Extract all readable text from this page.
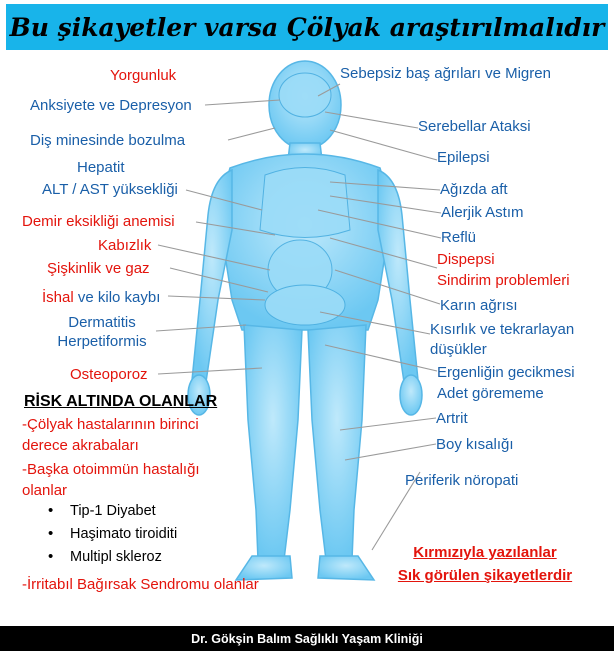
Bu şikayetler varsa Çölyak araştırılmalıdır
Yorgunluk
Anksiyete ve Depresyon
Diş minesinde bozulma
Hepatit
ALT / AST yüksekliği
Demir eksikliği anemisi
Kabızlık
Şişkinlik ve gaz
İshal ve kilo kaybı
Dermatitis
Herpetiformis
Osteoporoz
Sebepsiz baş ağrıları ve Migren
Serebellar Ataksi
Epilepsi
Ağızda aft
Alerjik Astım
Reflü
Dispepsi
Sindirim problemleri
Karın ağrısı
Kısırlık ve tekrarlayan
düşükler
Ergenliğin gecikmesi
Adet görememe
Artrit
Boy kısalığı
Periferik nöropati
RİSK ALTINDA OLANLAR
-Çölyak hastalarının birinci
derece akrabaları
-Başka otoimmün hastalığı
olanlar
• Tip-1 Diyabet
• Haşimato tiroiditi
• Multipl skleroz
-İrritabıl Bağırsak Sendromu olanlar
Kırmızıyla yazılanlar
Sık görülen şikayetlerdir
Dr. Gökşin Balım Sağlıklı Yaşam Kliniği
